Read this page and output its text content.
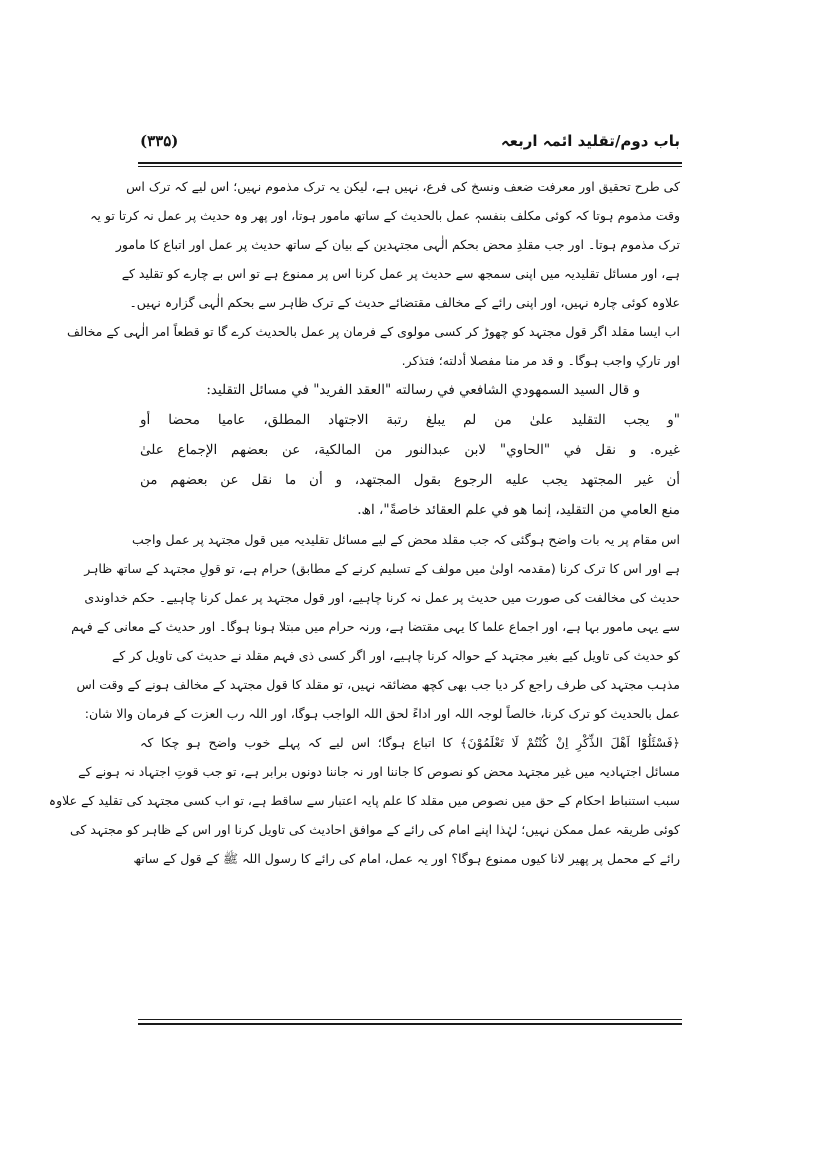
باب دوم/تقلید ائمہ اربعہ
(۳۳۵)
کی طرح تحقیق اور معرفت ضعف ونسخ کی فرع، نہیں ہے، لیکن یہ ترک مذموم نہیں؛ اس لیے کہ ترک اس
وقت مذموم ہوتا کہ کوئی مکلف بنفسہٖ عمل بالحدیث کے ساتھ مامور ہوتا، اور پھر وہ حدیث پر عمل نہ کرتا تو یہ
ترک مذموم ہوتا۔ اور جب مقلدِ محض بحکم الٰہی مجتہدین کے بیان کے ساتھ حدیث پر عمل اور اتباع کا مامور
ہے، اور مسائل تقلیدیہ میں اپنی سمجھ سے حدیث پر عمل کرنا اس پر ممنوع ہے تو اس بے چارے کو تقلید کے
علاوہ کوئی چارہ نہیں، اور اپنی رائے کے مخالف مقتضائے حدیث کے ترک ظاہر سے بحکم الٰہی گزارہ نہیں۔
اب ایسا مقلد اگر قول مجتہد کو چھوڑ کر کسی مولوی کے فرمان پر عمل بالحدیث کرے گا تو قطعاً امر الٰہی کے مخالف
اور تارکِ واجب ہوگا۔ و قد مر منا مفصلا أدلته؛ فتذكر.
و قال السيد السمهودي الشافعي في رسالته "العقد الفريد" في مسائل التقليد:
"و يجب التقليد علیٰ من لم يبلغ رتبة الاجتهاد المطلق، عاميا محضا أو
غيره. و نقل في "الحاوي" لابن عبدالنور من المالكية، عن بعضهم الإجماع علیٰ
أن غير المجتهد يجب عليه الرجوع بقول المجتهد، و أن ما نقل عن بعضهم من
منع العامي من التقليد، إنما هو في علم العقائد خاصةً"، اھ.
اس مقام پر یہ بات واضح ہوگئی کہ جب مقلد محض کے لیے مسائل تقلیدیہ میں قول مجتہد پر عمل واجب
ہے اور اس کا ترک کرنا (مقدمہ اولیٰ میں مولف کے تسلیم کرنے کے مطابق) حرام ہے، تو قولِ مجتہد کے ساتھ ظاہر
حدیث کی مخالفت کی صورت میں حدیث پر عمل نہ کرنا چاہیے، اور قول مجتہد پر عمل کرنا چاہیے۔ حکم خداوندی
سے یہی مامور بہا ہے، اور اجماع علما کا یہی مقتضا ہے، ورنہ حرام میں مبتلا ہونا ہوگا۔ اور حدیث کے معانی کے فہم
کو حدیث کی تاویل کیے بغیر مجتہد کے حوالہ کرنا چاہیے، اور اگر کسی ذی فہم مقلد نے حدیث کی تاویل کر کے
مذہب مجتہد کی طرف راجع کر دیا جب بھی کچھ مضائقہ نہیں، تو مقلد کا قول مجتہد کے مخالف ہونے کے وقت اس
عمل بالحدیث کو ترک کرنا، خالصاً لوجہ اللہ اور اداءً لحق اللہ الواجب ہوگا، اور اللہ رب العزت کے فرمان والا شان:
﴿فَسْئَلُوْٓا اَهْلَ الذِّكْرِ اِنْ كُنْتُمْ لَا تَعْلَمُوْنَ﴾ کا اتباع ہوگا؛ اس لیے کہ پہلے خوب واضح ہو چکا کہ
مسائل اجتہادیہ میں غیر مجتہد محض کو نصوص کا جاننا اور نہ جاننا دونوں برابر ہے، تو جب قوتِ اجتہاد نہ ہونے کے
سبب استنباط احکام کے حق میں نصوص میں مقلد کا علم پایہ اعتبار سے ساقط ہے، تو اب کسی مجتہد کی تقلید کے علاوہ
کوئی طریقہ عمل ممکن نہیں؛ لہٰذا اپنے امام کی رائے کے موافق احادیث کی تاویل کرنا اور اس کے ظاہر کو مجتہد کی
رائے کے محمل پر پھیر لانا کیوں ممنوع ہوگا؟ اور یہ عمل، امام کی رائے کا رسول اللہ ﷺ کے قول کے ساتھ
